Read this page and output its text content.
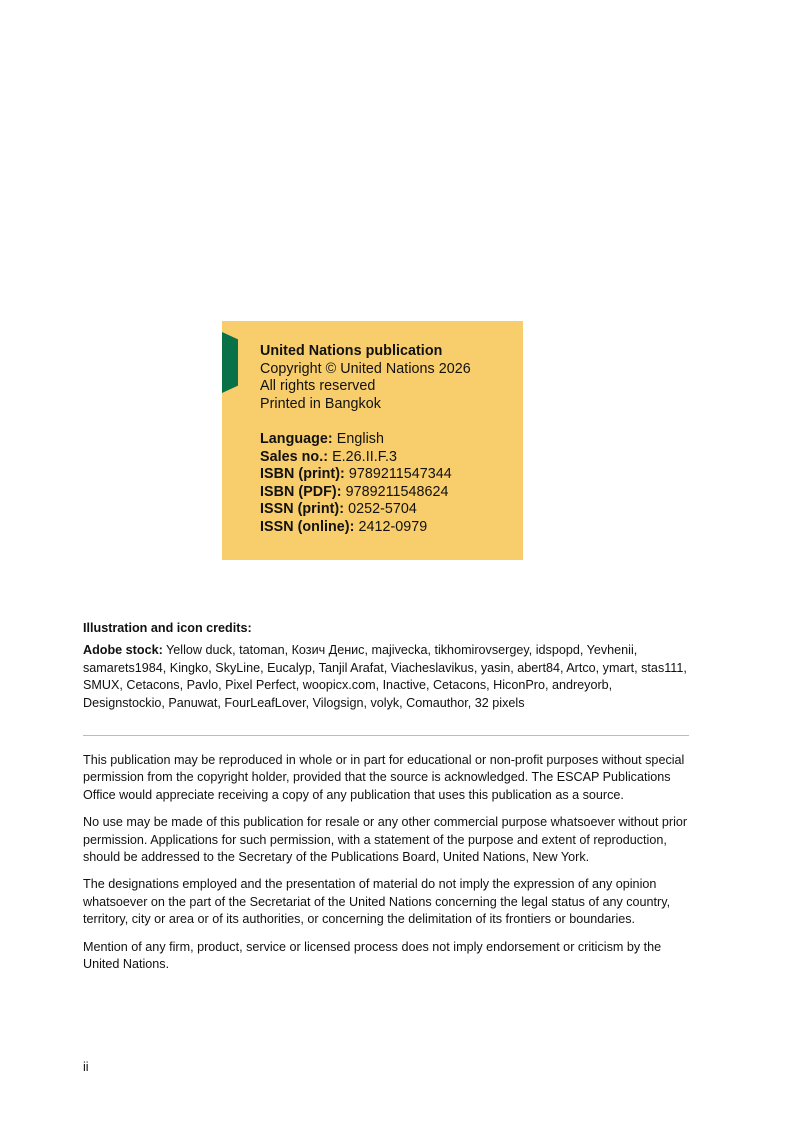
United Nations publication
Copyright © United Nations 2026
All rights reserved
Printed in Bangkok
Language: English
Sales no.: E.26.II.F.3
ISBN (print): 9789211547344
ISBN (PDF): 9789211548624
ISSN (print): 0252-5704
ISSN (online): 2412-0979
Illustration and icon credits:
Adobe stock: Yellow duck, tatoman, Козич Денис, majivecka, tikhomirovsergey, idspopd, Yevhenii, samarets1984, Kingko, SkyLine, Eucalyp, Tanjil Arafat, Viacheslavikus, yasin, abert84, Artco, ymart, stas111, SMUX, Cetacons, Pavlo, Pixel Perfect, woopicx.com, Inactive, Cetacons, HiconPro, andreyorb, Designstockio, Panuwat, FourLeafLover, Vilogsign, volyk, Comauthor, 32 pixels

This publication may be reproduced in whole or in part for educational or non-profit purposes without special permission from the copyright holder, provided that the source is acknowledged. The ESCAP Publications Office would appreciate receiving a copy of any publication that uses this publication as a source.

No use may be made of this publication for resale or any other commercial purpose whatsoever without prior permission. Applications for such permission, with a statement of the purpose and extent of reproduction, should be addressed to the Secretary of the Publications Board, United Nations, New York.

The designations employed and the presentation of material do not imply the expression of any opinion whatsoever on the part of the Secretariat of the United Nations concerning the legal status of any country, territory, city or area or of its authorities, or concerning the delimitation of its frontiers or boundaries.

Mention of any firm, product, service or licensed process does not imply endorsement or criticism by the United Nations.

ii
